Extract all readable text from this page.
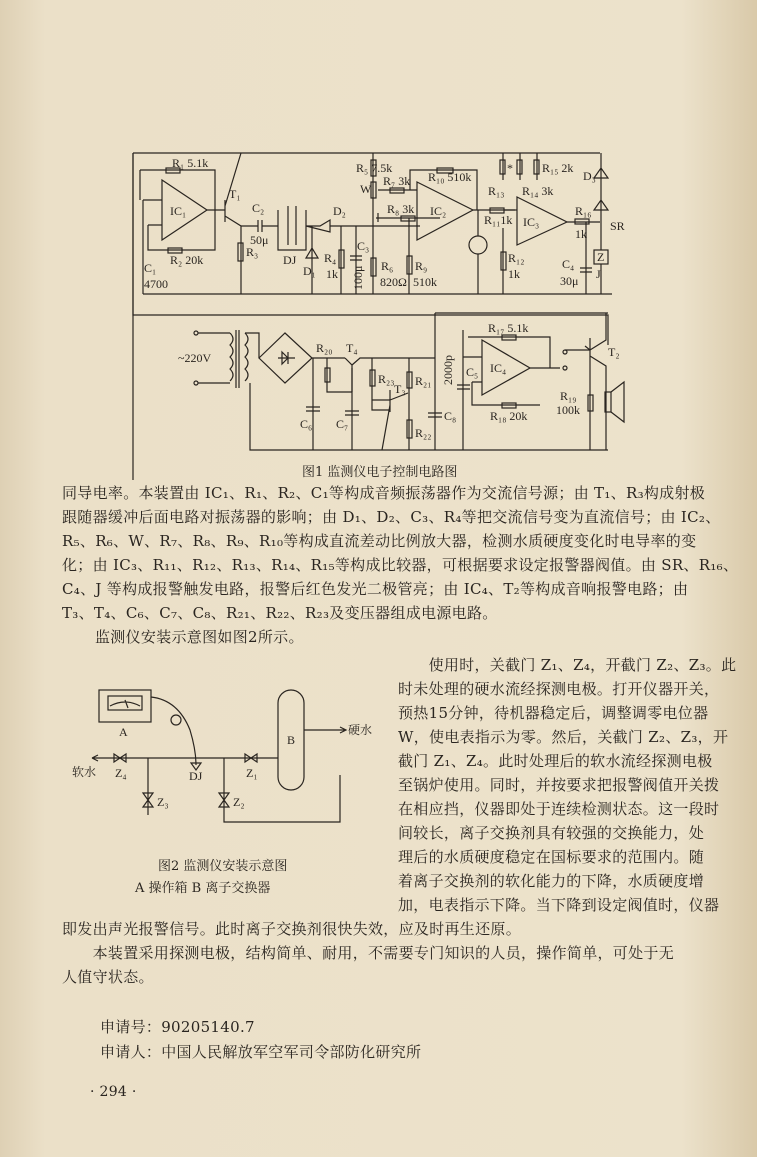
R₁ 5.1k
R₂ 20k
IC₁
C₁
4700
T₁
R₃
C₂
50μ
DJ
D₁
D₂
R₄
1k
C₃
100μ
R₅ 7.5k
W
R₆
820Ω
R₇ 3k
R₈ 3k
R₉
510k
R₁₀ 510k
IC₂
R₁₁1k
R₁₂
1k
R₁₃
*
R₁₄ 3k
R₁₅ 2k
IC₃
R₁₆
1k
D₃
SR
C₄
30μ
Z
J
~220V
R₂₀ T₄
R₂₃
T₃
R₂₁
R₂₂
C₆ C₇
C₈
2000p C₅ IC₄
R₁₇ 5.1k
R₁₈ 20k
T₂
R₁₉
100k
图1 监测仪电子控制电路图
同导电率。本装置由 IC₁、R₁、R₂、C₁等构成音频振荡器作为交流信号源；由 T₁、R₃构成射极
跟随器缓冲后面电路对振荡器的影响；由 D₁、D₂、C₃、R₄等把交流信号变为直流信号；由 IC₂、
R₅、R₆、W、R₇、R₈、R₉、R₁₀等构成直流差动比例放大器，检测水质硬度变化时电导率的变
化；由 IC₃、R₁₁、R₁₂、R₁₃、R₁₄、R₁₅等构成比较器，可根据要求设定报警器阀值。由 SR、R₁₆、
C₄、J 等构成报警触发电路，报警后红色发光二极管亮；由 IC₄、T₂等构成音响报警电路；由
T₃、T₄、C₆、C₇、C₈、R₂₁、R₂₂、R₂₃及变压器组成电源电路。
监测仪安装示意图如图2所示。
A
B
硬水
软水	DJ
Z₄	Z₁
Z₃	Z₂
图2 监测仪安装示意图
A 操作箱 B 离子交换器
　　使用时，关截门 Z₁、Z₄，开截门 Z₂、Z₃。此
时未处理的硬水流经探测电极。打开仪器开关，
预热15分钟，待机器稳定后，调整调零电位器
W，使电表指示为零。然后，关截门 Z₂、Z₃，开
截门 Z₁、Z₄。此时处理后的软水流经探测电极
至锅炉使用。同时，并按要求把报警阀值开关拨
在相应挡，仪器即处于连续检测状态。这一段时
间较长，离子交换剂具有较强的交换能力，处
理后的水质硬度稳定在国标要求的范围内。随
着离子交换剂的软化能力的下降，水质硬度增
加，电表指示下降。当下降到设定阀值时，仪器
即发出声光报警信号。此时离子交换剂很快失效，应及时再生还原。
　　本装置采用探测电极，结构简单、耐用，不需要专门知识的人员，操作简单，可处于无
人值守状态。
申请号：90205140.7
申请人：中国人民解放军空军司令部防化研究所
· 294 ·
